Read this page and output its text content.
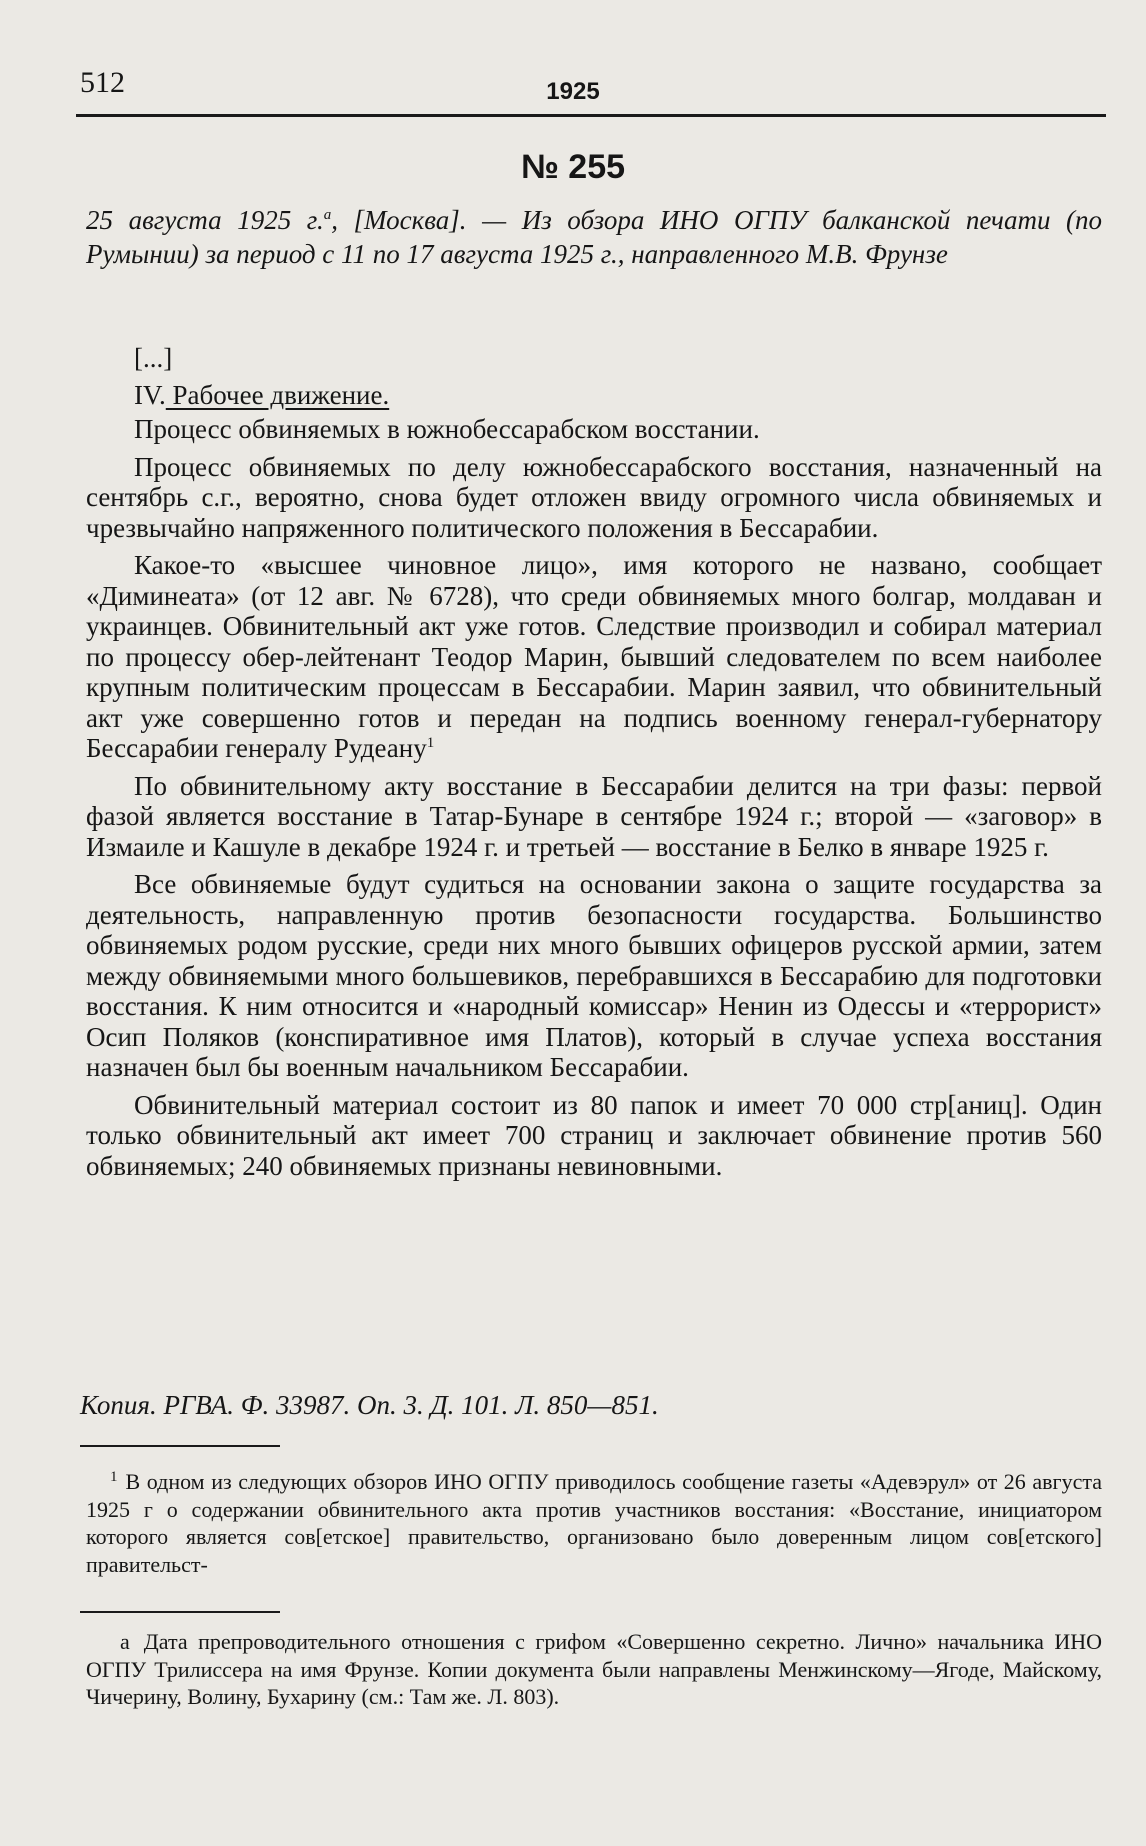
512	1925
№ 255
25 августа 1925 г.$^а$, [Москва]. — Из обзора ИНО ОГПУ балканской печати (по Румынии) за период с 11 по 17 августа 1925 г., направленного М.В. Фрунзе
[...]
IV. Рабочее движение.

Процесс обвиняемых в южнобессарабском восстании.

Процесс обвиняемых по делу южнобессарабского восстания, назначенный на сентябрь с.г., вероятно, снова будет отложен ввиду огромного числа обвиняемых и чрезвычайно напряженного политического положения в Бессарабии.

Какое-то «высшее чиновное лицо», имя которого не названо, сообщает «Диминеата» (от 12 авг. № 6728), что среди обвиняемых много болгар, молдаван и украинцев. Обвинительный акт уже готов. Следствие производил и собирал материал по процессу обер-лейтенант Теодор Марин, бывший следователем по всем наиболее крупным политическим процессам в Бессарабии. Марин заявил, что обвинительный акт уже совершенно готов и передан на подпись военному генерал-губернатору Бессарабии генералу Рудеану$^1$

По обвинительному акту восстание в Бессарабии делится на три фазы: первой фазой является восстание в Татар-Бунаре в сентябре 1924 г.; второй — «заговор» в Измаиле и Кашуле в декабре 1924 г. и третьей — восстание в Белко в январе 1925 г.

Все обвиняемые будут судиться на основании закона о защите государства за деятельность, направленную против безопасности государства. Большинство обвиняемых родом русские, среди них много бывших офицеров русской армии, затем между обвиняемыми много большевиков, перебравшихся в Бессарабию для подготовки восстания. К ним относится и «народный комиссар» Ненин из Одессы и «террорист» Осип Поляков (конспиративное имя Платов), который в случае успеха восстания назначен был бы военным начальником Бессарабии.

Обвинительный материал состоит из 80 папок и имеет 70 000 стр[аниц]. Один только обвинительный акт имеет 700 страниц и заключает обвинение против 560 обвиняемых; 240 обвиняемых признаны невиновными.

Копия. РГВА. Ф. 33987. Оп. 3. Д. 101. Л. 850—851.
$^1$ В одном из следующих обзоров ИНО ОГПУ приводилось сообщение газеты «Адевэрул» от 26 августа 1925 г о содержании обвинительного акта против участников восстания: «Восстание, инициатором которого является сов[етское] правительство, организовано было доверенным лицом сов[етского] правительст-
а Дата препроводительного отношения с грифом «Совершенно секретно. Лично» начальника ИНО ОГПУ Трилиссера на имя Фрунзе. Копии документа были направлены Менжинскому—Ягоде, Майскому, Чичерину, Волину, Бухарину (см.: Там же. Л. 803).
